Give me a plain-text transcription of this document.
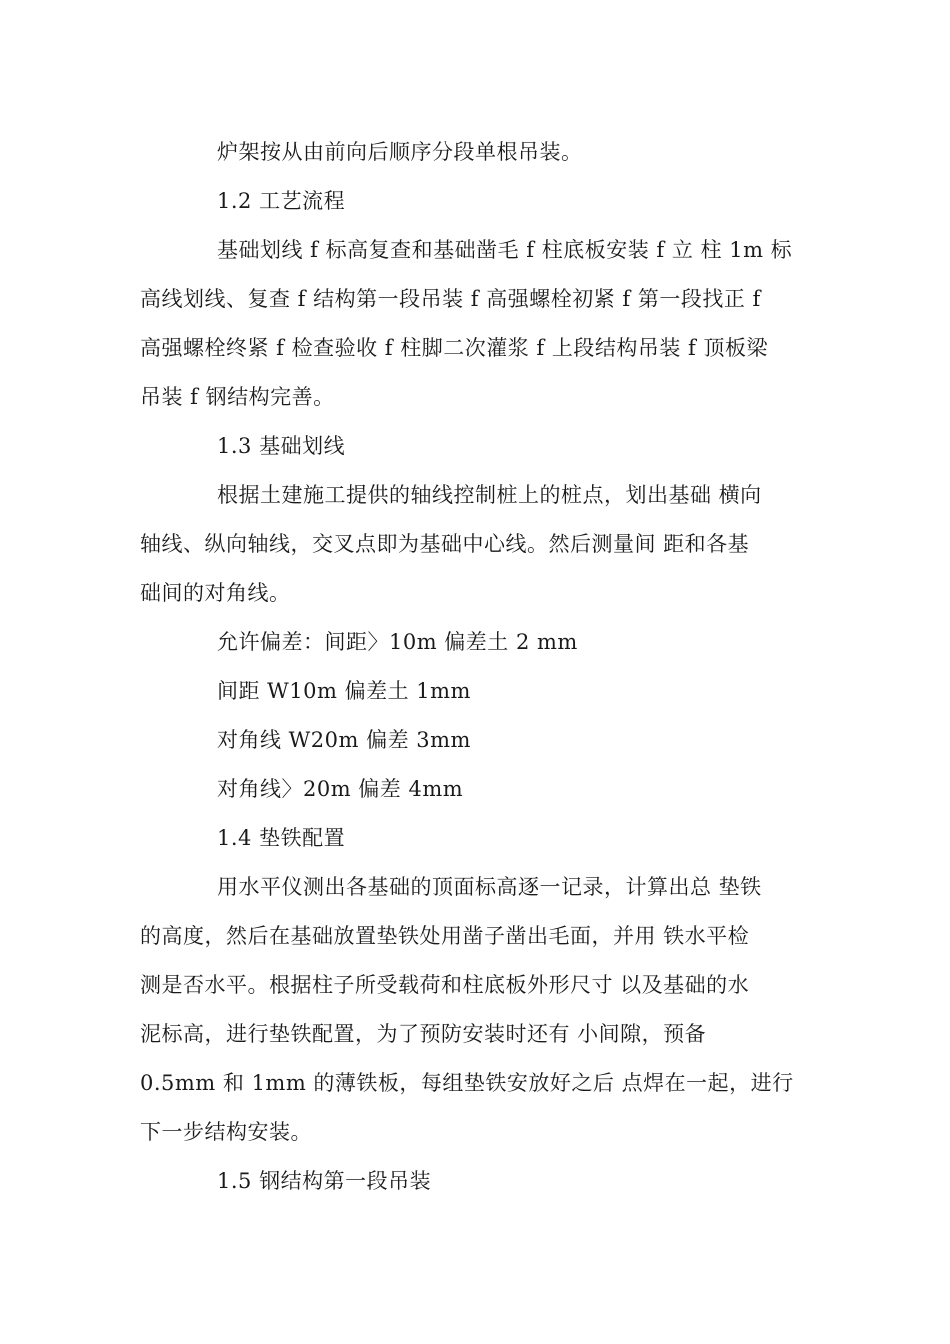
炉架按从由前向后顺序分段单根吊装。
1.2 工艺流程
基础划线 f 标高复查和基础凿毛 f 柱底板安装 f 立 柱 1m 标
高线划线、复查 f 结构第一段吊装 f 高强螺栓初紧 f 第一段找正 f
高强螺栓终紧 f 检查验收 f 柱脚二次灌浆 f 上段结构吊装 f 顶板梁
吊装 f 钢结构完善。
1.3 基础划线
根据土建施工提供的轴线控制桩上的桩点，划出基础 横向
轴线、纵向轴线，交叉点即为基础中心线。然后测量间 距和各基
础间的对角线。
允许偏差：间距〉10m 偏差土 2 mm
间距 W10m 偏差土 1mm
对角线 W20m 偏差 3mm
对角线〉20m 偏差 4mm
1.4 垫铁配置
用水平仪测出各基础的顶面标高逐一记录，计算出总 垫铁
的高度，然后在基础放置垫铁处用凿子凿出毛面，并用 铁水平检
测是否水平。根据柱子所受载荷和柱底板外形尺寸 以及基础的水
泥标高，进行垫铁配置，为了预防安装时还有 小间隙，预备
0.5mm 和 1mm 的薄铁板，每组垫铁安放好之后 点焊在一起，进行
下一步结构安装。
1.5 钢结构第一段吊装
